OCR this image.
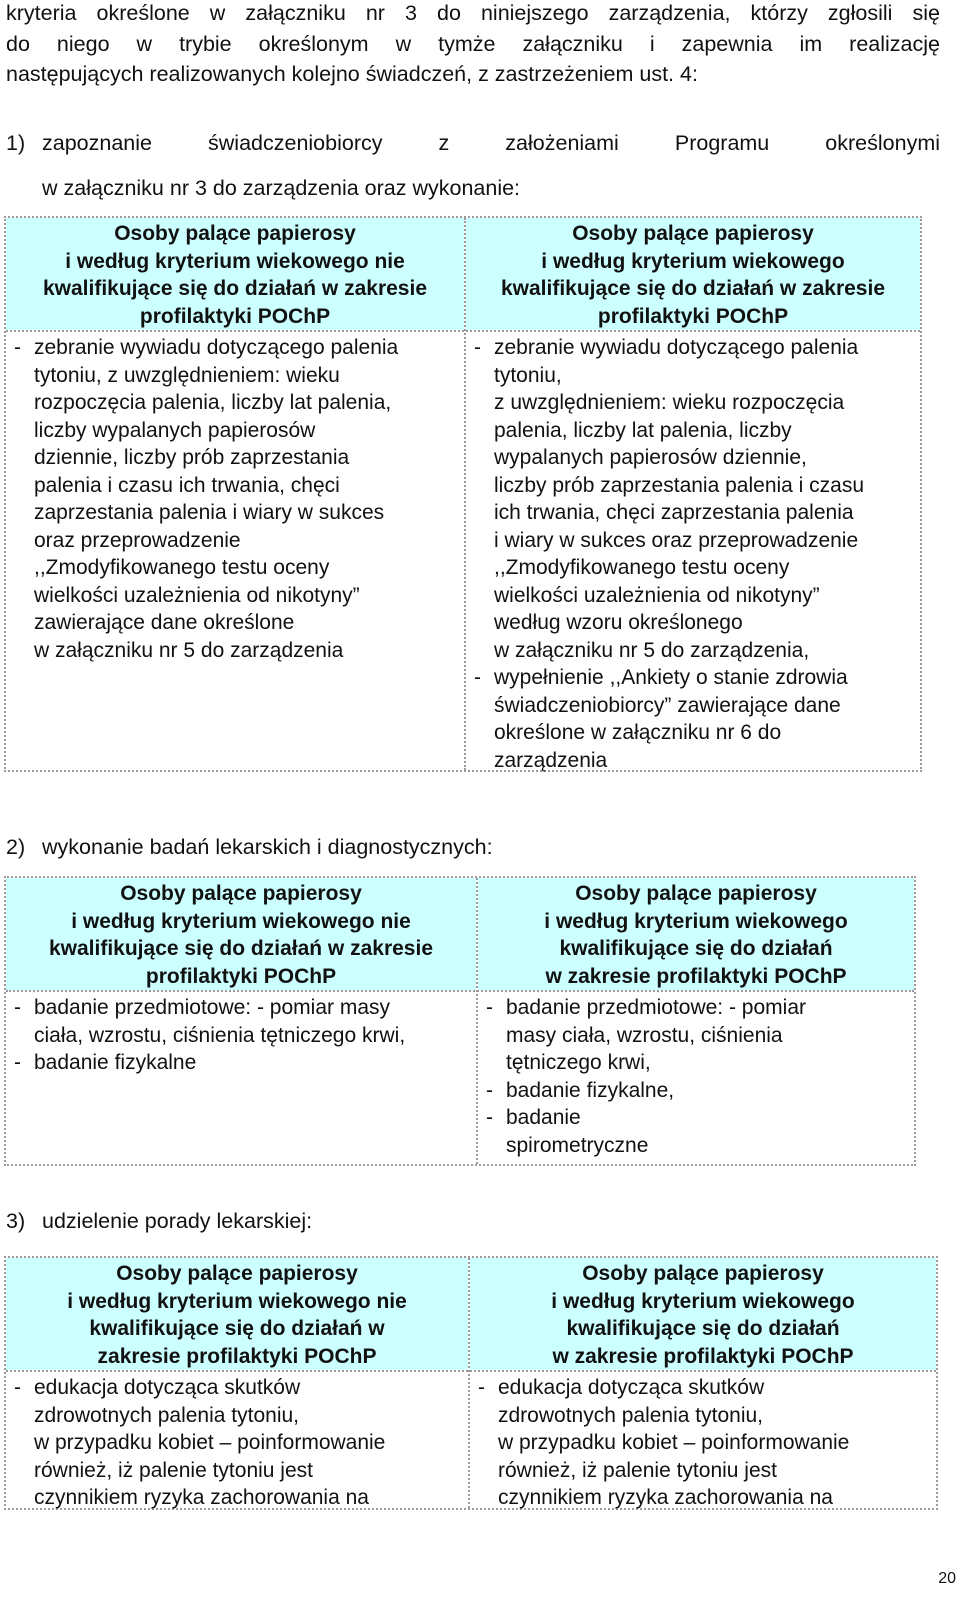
kryteria określone w załączniku nr 3 do niniejszego zarządzenia, którzy zgłosili się
do niego w trybie określonym w tymże załączniku i zapewnia im realizację
następujących realizowanych kolejno świadczeń, z zastrzeżeniem ust. 4:
1) zapoznanie świadczeniobiorcy z założeniami Programu określonymi
w załączniku nr 3 do zarządzenia oraz wykonanie:
Osoby palące papierosy
i według kryterium wiekowego nie
kwalifikujące się do działań w zakresie
profilaktyki POChP
Osoby palące papierosy
i według kryterium wiekowego
kwalifikujące się do działań w zakresie
profilaktyki POChP
- zebranie wywiadu dotyczącego palenia
tytoniu, z uwzględnieniem: wieku
rozpoczęcia palenia, liczby lat palenia,
liczby wypalanych papierosów
dziennie, liczby prób zaprzestania
palenia i czasu ich trwania, chęci
zaprzestania palenia i wiary w sukces
oraz przeprowadzenie
,,Zmodyfikowanego testu oceny
wielkości uzależnienia od nikotyny”
zawierające dane określone
w załączniku nr 5 do zarządzenia
- zebranie wywiadu dotyczącego palenia
tytoniu,
z uwzględnieniem: wieku rozpoczęcia
palenia, liczby lat palenia, liczby
wypalanych papierosów dziennie,
liczby prób zaprzestania palenia i czasu
ich trwania, chęci zaprzestania palenia
i wiary w sukces oraz przeprowadzenie
,,Zmodyfikowanego testu oceny
wielkości uzależnienia od nikotyny”
według wzoru określonego
w załączniku nr 5 do zarządzenia,
- wypełnienie ,,Ankiety o stanie zdrowia
świadczeniobiorcy” zawierające dane
określone w załączniku nr 6 do
zarządzenia
2) wykonanie badań lekarskich i diagnostycznych:
Osoby palące papierosy
i według kryterium wiekowego nie
kwalifikujące się do działań w zakresie
profilaktyki POChP
Osoby palące papierosy
i według kryterium wiekowego
kwalifikujące się do działań
w zakresie profilaktyki POChP
- badanie przedmiotowe: - pomiar masy
ciała, wzrostu, ciśnienia tętniczego krwi,
- badanie fizykalne
- badanie przedmiotowe: - pomiar
masy ciała, wzrostu, ciśnienia
tętniczego krwi,
- badanie fizykalne,
- badanie
spirometryczne
3) udzielenie porady lekarskiej:
Osoby palące papierosy
i według kryterium wiekowego nie
kwalifikujące się do działań w
zakresie profilaktyki POChP
Osoby palące papierosy
i według kryterium wiekowego
kwalifikujące się do działań
w zakresie profilaktyki POChP
- edukacja dotycząca skutków
zdrowotnych palenia tytoniu,
w przypadku kobiet – poinformowanie
również, iż palenie tytoniu jest
czynnikiem ryzyka zachorowania na
- edukacja dotycząca skutków
zdrowotnych palenia tytoniu,
w przypadku kobiet – poinformowanie
również, iż palenie tytoniu jest
czynnikiem ryzyka zachorowania na
20
